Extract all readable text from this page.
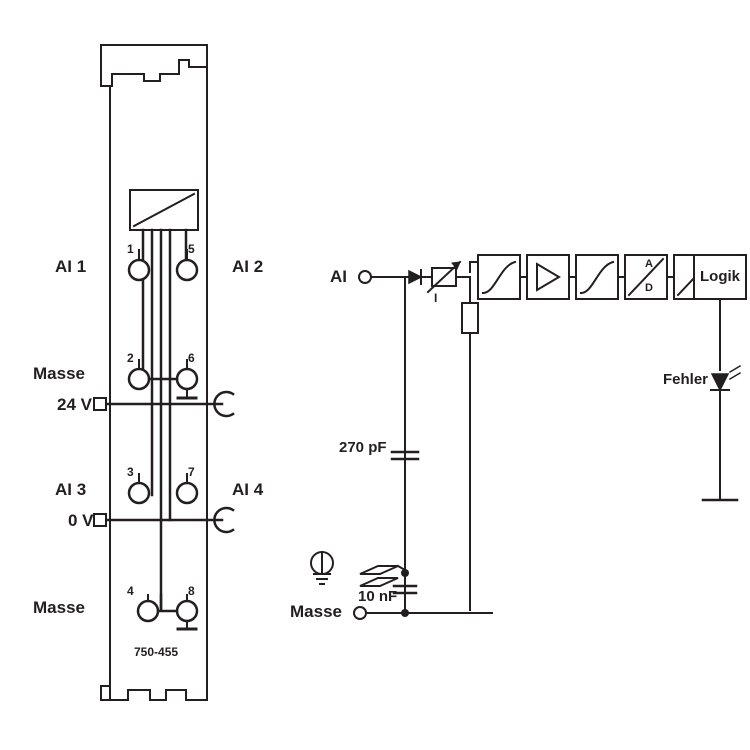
AI 1	AI 2
Masse
24 V
AI 3	AI 4
0 V
Masse
1	5
2	6
3	7
4	8
750-455
AI
I
A
D
Logik
Fehler
270 pF
10 nF
Masse
